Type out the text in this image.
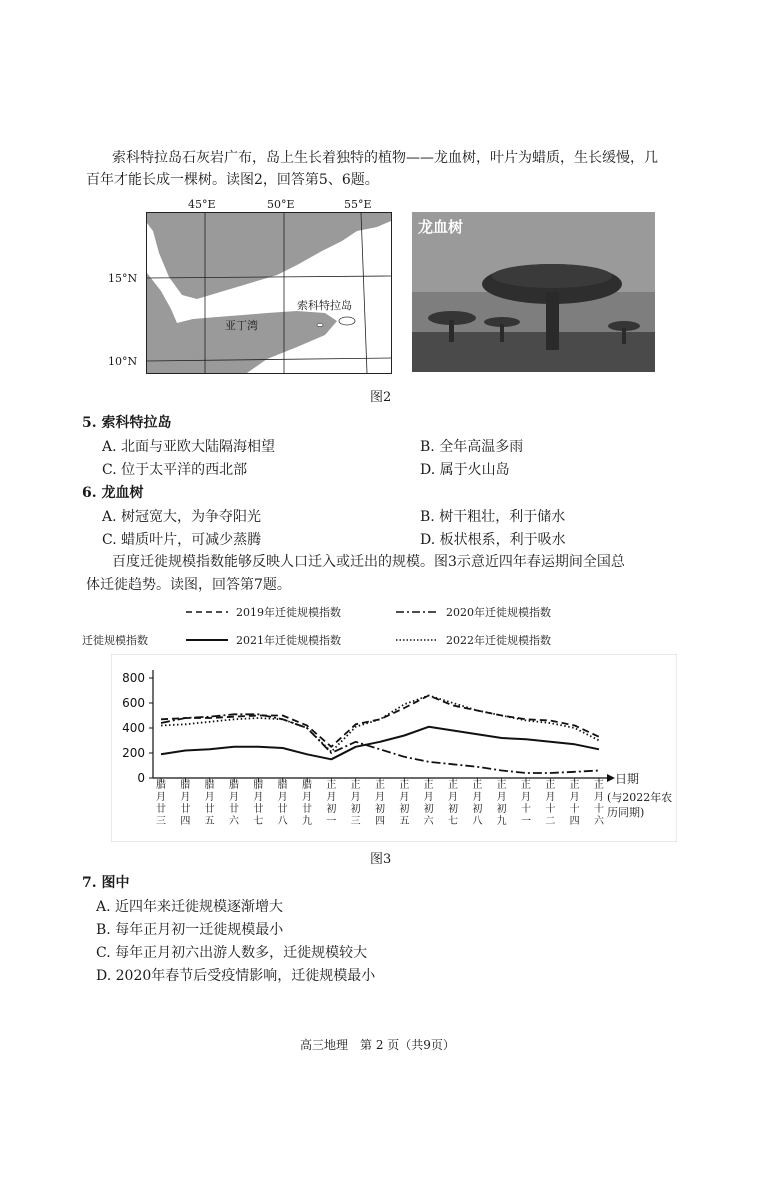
索科特拉岛石灰岩广布，岛上生长着独特的植物——龙血树，叶片为蜡质，生长缓慢，几
百年才能长成一棵树。读图2，回答第5、6题。
45°E	50°E	55°E
15°N
10°N
索科特拉岛
亚丁湾
龙血树
图2
5. 索科特拉岛
A. 北面与亚欧大陆隔海相望	B. 全年高温多雨
C. 位于太平洋的西北部	D. 属于火山岛
6. 龙血树
A. 树冠宽大，为争夺阳光	B. 树干粗壮，利于储水
C. 蜡质叶片，可减少蒸腾	D. 板状根系，利于吸水
百度迁徙规模指数能够反映人口迁入或迁出的规模。图3示意近四年春运期间全国总
体迁徙趋势。读图，回答第7题。
2019年迁徙规模指数	2020年迁徙规模指数
迁徙规模指数	2021年迁徙规模指数	2022年迁徙规模指数
0
200
400
600
800
腊月廿三
腊月廿四
腊月廿五
腊月廿六
腊月廿七
腊月廿八
腊月廿九
正月初一
正月初三
正月初四
正月初五
正月初六
正月初七
正月初八
正月初九
正月十一
正月十二
正月十四
正月十六
日期
(与2022年农历同期)
图3
7. 图中
A. 近四年来迁徙规模逐渐增大
B. 每年正月初一迁徙规模最小
C. 每年正月初六出游人数多，迁徙规模较大
D. 2020年春节后受疫情影响，迁徙规模最小
高三地理　第 2 页（共9页）
